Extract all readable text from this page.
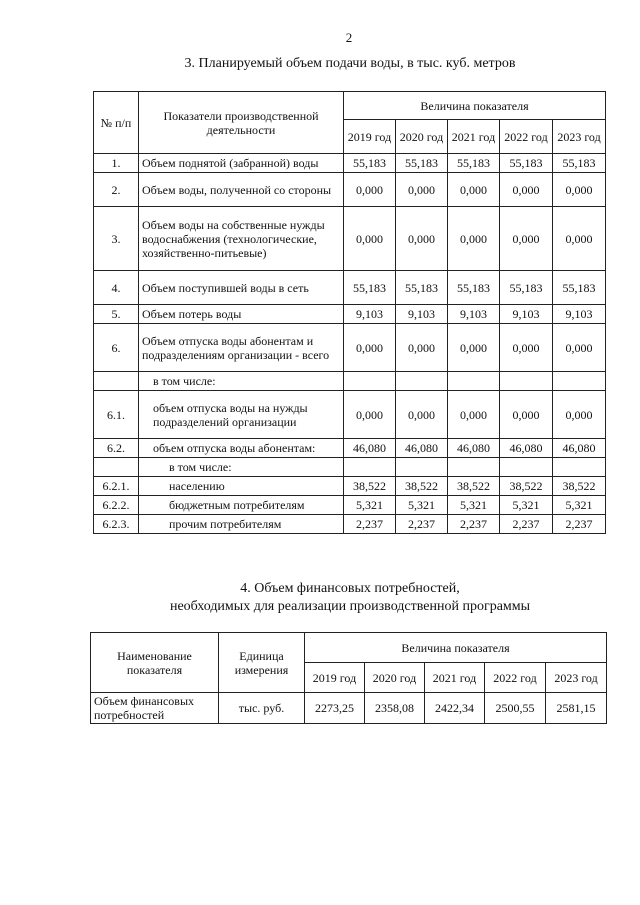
2
3. Планируемый объем подачи воды, в тыс. куб. метров
№ п/п	Показатели производственной деятельности	Величина показателя				
		2019 год	2020 год	2021 год	2022 год	2023 год
1.	Объем поднятой (забранной) воды	55,183	55,183	55,183	55,183	55,183
2.	Объем воды, полученной со стороны	0,000	0,000	0,000	0,000	0,000
3.	Объем воды на собственные нужды водоснабжения (технологические, хозяйственно-питьевые)	0,000	0,000	0,000	0,000	0,000
4.	Объем поступившей воды в сеть	55,183	55,183	55,183	55,183	55,183
5.	Объем потерь воды	9,103	9,103	9,103	9,103	9,103
6.	Объем отпуска воды абонентам и подразделениям организации - всего	0,000	0,000	0,000	0,000	0,000
	в том числе:					
6.1.	объем отпуска воды на нужды подразделений организации	0,000	0,000	0,000	0,000	0,000
6.2.	объем отпуска воды абонентам:	46,080	46,080	46,080	46,080	46,080
	в том числе:					
6.2.1.	населению	38,522	38,522	38,522	38,522	38,522
6.2.2.	бюджетным потребителям	5,321	5,321	5,321	5,321	5,321
6.2.3.	прочим потребителям	2,237	2,237	2,237	2,237	2,237
4. Объем финансовых потребностей,
необходимых для реализации производственной программы
Наименование показателя	Единица измерения	Величина показателя				
		2019 год	2020 год	2021 год	2022 год	2023 год
Объем финансовых потребностей	тыс. руб.	2273,25	2358,08	2422,34	2500,55	2581,15
